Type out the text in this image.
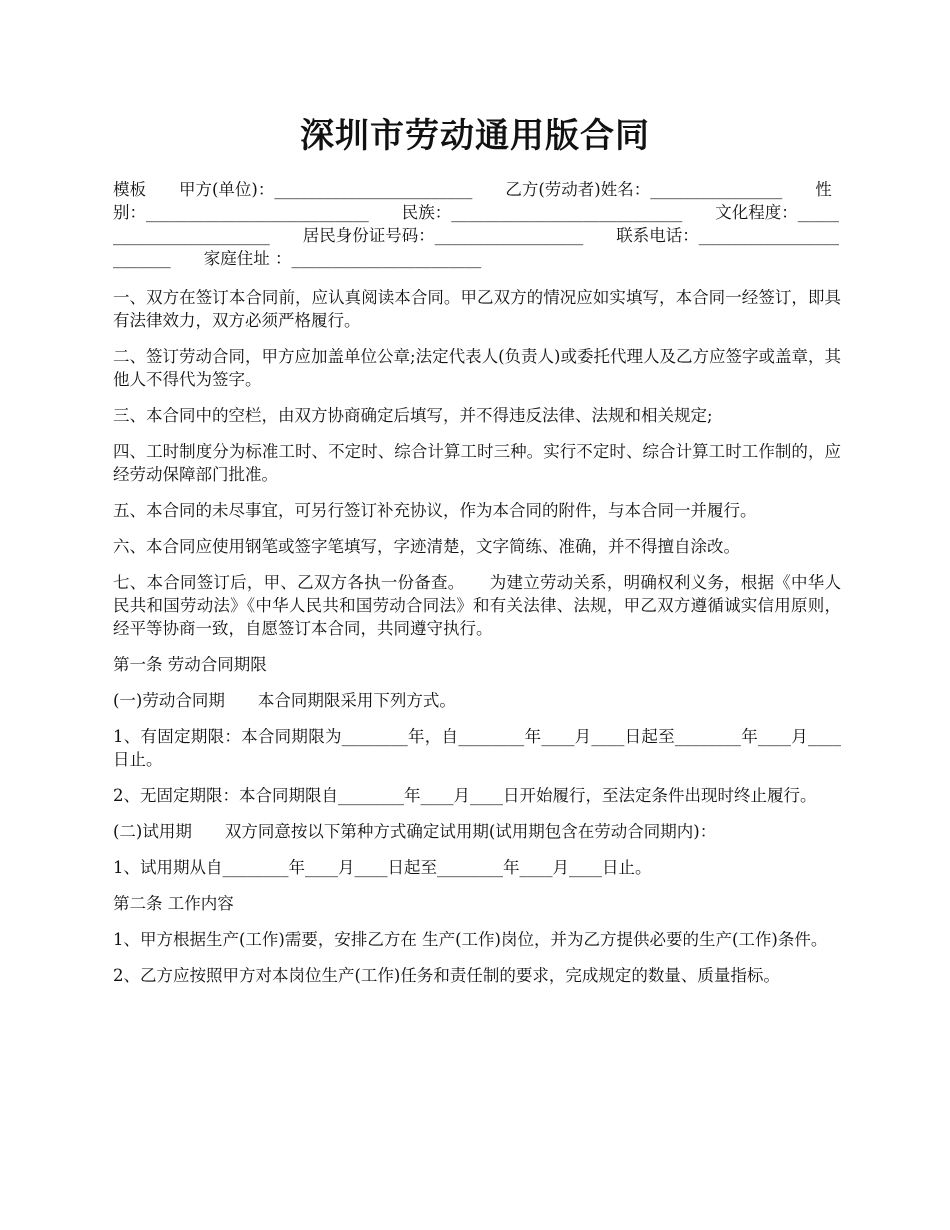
深圳市劳动通用版合同

模板　　甲方(单位)：________________________　　乙方(劳动者)姓名：________________　　性别：___________________________　　民族：____________________________　　文化程度：________________________　　居民身份证号码：__________________　　联系电话：________________________　　家庭住址 ：_______________________

一、双方在签订本合同前，应认真阅读本合同。甲乙双方的情况应如实填写，本合同一经签订，即具有法律效力，双方必须严格履行。

二、签订劳动合同，甲方应加盖单位公章;法定代表人(负责人)或委托代理人及乙方应签字或盖章，其他人不得代为签字。

三、本合同中的空栏，由双方协商确定后填写，并不得违反法律、法规和相关规定;

四、工时制度分为标准工时、不定时、综合计算工时三种。实行不定时、综合计算工时工作制的，应经劳动保障部门批准。

五、本合同的未尽事宜，可另行签订补充协议，作为本合同的附件，与本合同一并履行。

六、本合同应使用钢笔或签字笔填写，字迹清楚，文字简练、准确，并不得擅自涂改。

七、本合同签订后，甲、乙双方各执一份备查。　　为建立劳动关系，明确权利义务，根据《中华人民共和国劳动法》《中华人民共和国劳动合同法》和有关法律、法规，甲乙双方遵循诚实信用原则，经平等协商一致，自愿签订本合同，共同遵守执行。

第一条 劳动合同期限

(一)劳动合同期　　本合同期限采用下列方式。

1、有固定期限：本合同期限为________年，自________年____月____日起至________年____月____日止。

2、无固定期限：本合同期限自________年____月____日开始履行，至法定条件出现时终止履行。

(二)试用期　　双方同意按以下第种方式确定试用期(试用期包含在劳动合同期内)：

1、试用期从自________年____月____日起至________年____月____日止。

第二条 工作内容

1、甲方根据生产(工作)需要，安排乙方在 生产(工作)岗位，并为乙方提供必要的生产(工作)条件。

2、乙方应按照甲方对本岗位生产(工作)任务和责任制的要求，完成规定的数量、质量指标。
